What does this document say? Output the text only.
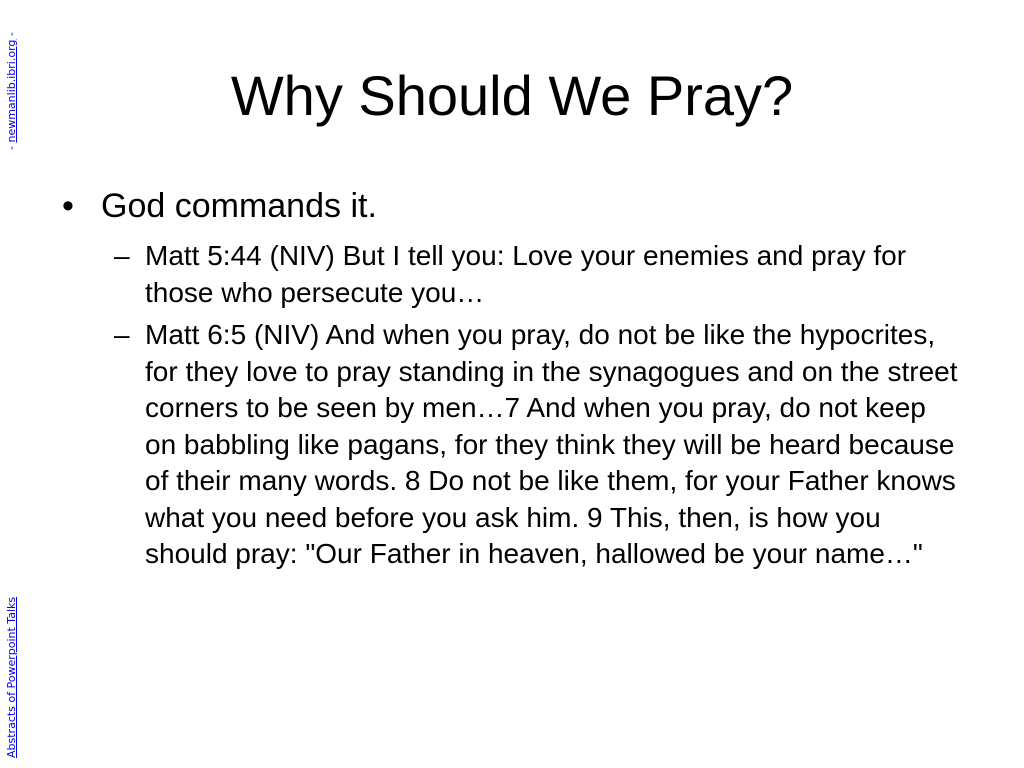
Why Should We Pray?
• God commands it.
– Matt 5:44 (NIV) But I tell you: Love your enemies and pray for those who persecute you…
– Matt 6:5 (NIV) And when you pray, do not be like the hypocrites, for they love to pray standing in the synagogues and on the street corners to be seen by men…7 And when you pray, do not keep on babbling like pagans, for they think they will be heard because of their many words. 8 Do not be like them, for your Father knows what you need before you ask him. 9 This, then, is how you should pray: "Our Father in heaven, hallowed be your name…"
- newmanlib.ibri.org -
Abstracts of Powerpoint Talks
